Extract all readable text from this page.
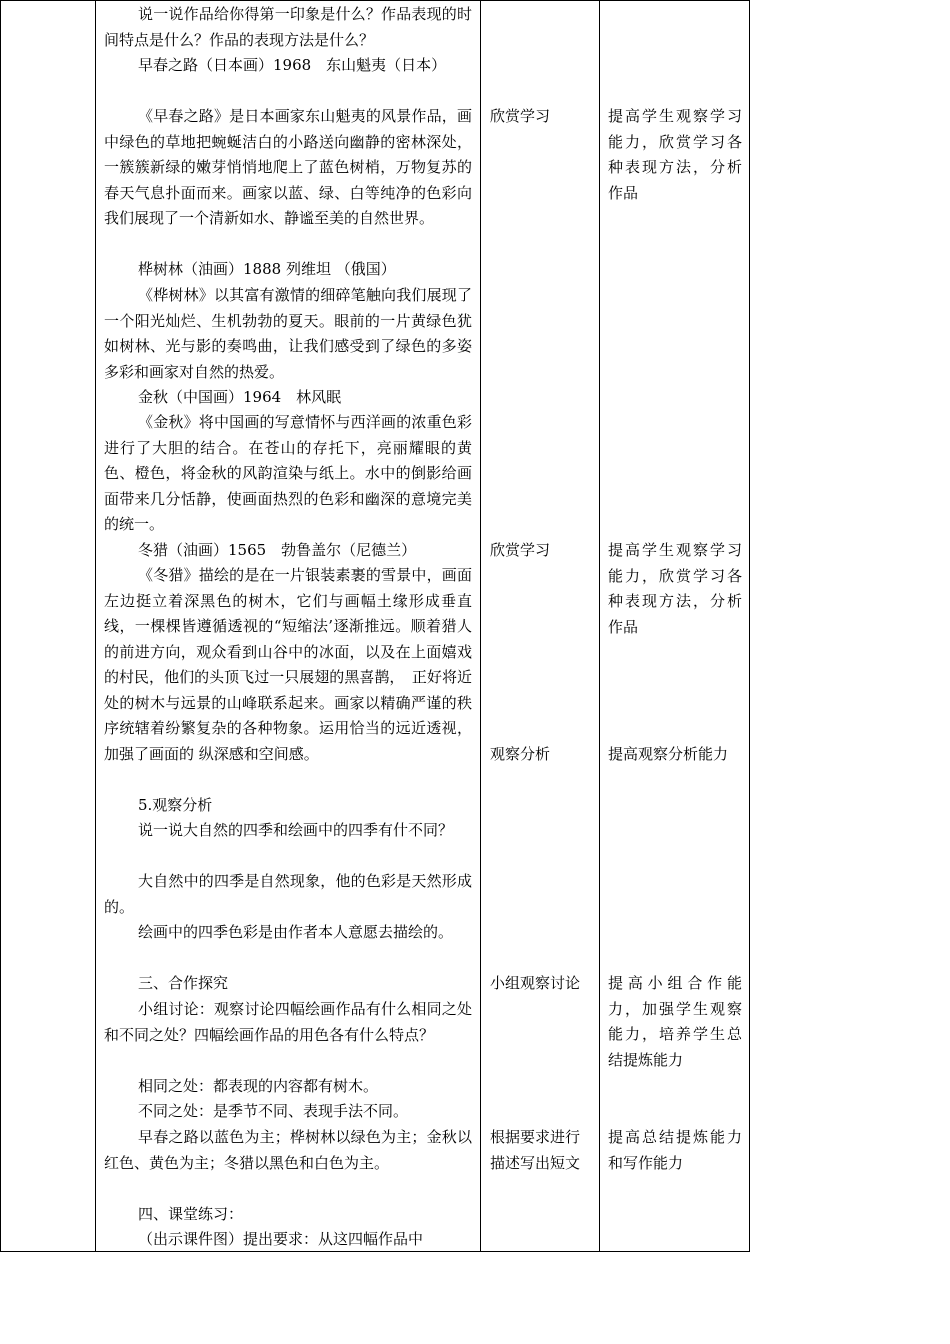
说一说作品给你得第一印象是什么？作品表现的时间特点是什么？作品的表现方法是什么？
早春之路（日本画）1968　东山魁夷（日本）
《早春之路》是日本画家东山魁夷的风景作品，画中绿色的草地把蜿蜒洁白的小路送向幽静的密林深处，一簇簇新绿的嫩芽悄悄地爬上了蓝色树梢，万物复苏的春天气息扑面而来。画家以蓝、绿、白等纯净的色彩向我们展现了一个清新如水、静谧至美的自然世界。
桦树林（油画）1888 列维坦 （俄国）
《桦树林》以其富有激情的细碎笔触向我们展现了一个阳光灿烂、生机勃勃的夏天。眼前的一片黄绿色犹如树林、光与影的奏鸣曲，让我们感受到了绿色的多姿多彩和画家对自然的热爱。
金秋（中国画）1964　林风眠
《金秋》将中国画的写意情怀与西洋画的浓重色彩进行了大胆的结合。在苍山的存托下，亮丽耀眼的黄色、橙色，将金秋的风韵渲染与纸上。水中的倒影给画面带来几分恬静，使画面热烈的色彩和幽深的意境完美的统一。
冬猎（油画）1565　勃鲁盖尔（尼德兰）
《冬猎》描绘的是在一片银装素裹的雪景中，画面左边挺立着深黑色的树木，它们与画幅土缘形成垂直线，一棵棵皆遵循透视的“短缩法’逐渐推远。顺着猎人的前进方向，观众看到山谷中的冰面，以及在上面嬉戏的村民，他们的头顶飞过一只展翅的黑喜鹊，　正好将近处的树木与远景的山峰联系起来。画家以精确严谨的秩序统辖着纷繁复杂的各种物象。运用恰当的远近透视，加强了画面的 纵深感和空间感。
5.观察分析
说一说大自然的四季和绘画中的四季有什不同？
大自然中的四季是自然现象，他的色彩是天然形成的。
绘画中的四季色彩是由作者本人意愿去描绘的。
三、合作探究
小组讨论：观察讨论四幅绘画作品有什么相同之处和不同之处？四幅绘画作品的用色各有什么特点？
相同之处：都表现的内容都有树木。
不同之处：是季节不同、表现手法不同。
早春之路以蓝色为主；桦树林以绿色为主；金秋以红色、黄色为主；冬猎以黑色和白色为主。
四、课堂练习：
（出示课件图）提出要求：从这四幅作品中
欣赏学习
欣赏学习
观察分析
小组观察讨论
根据要求进行描述写出短文
提高学生观察学习能力，欣赏学习各种表现方法，分析作品
提高学生观察学习能力，欣赏学习各种表现方法，分析作品
提高观察分析能力
提高小组合作能力，加强学生观察能力，培养学生总结提炼能力
提高总结提炼能力和写作能力
